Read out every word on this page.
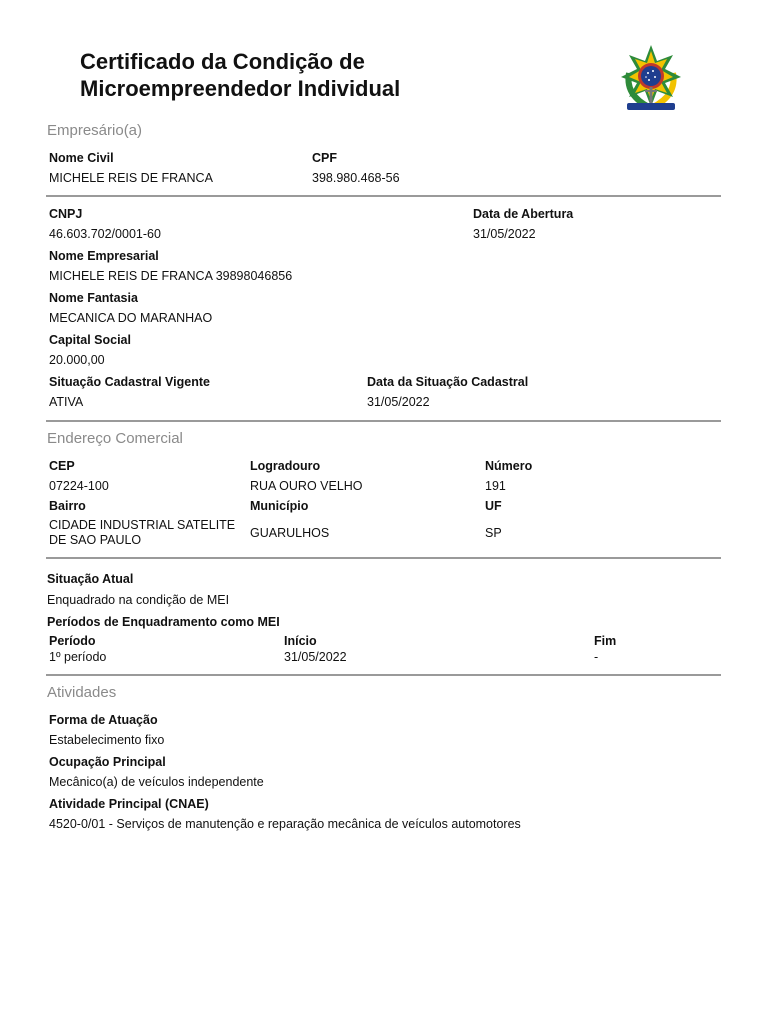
Certificado da Condição de
Microempreendedor Individual
Empresário(a)
Nome Civil
MICHELE REIS DE FRANCA
CPF
398.980.468-56
CNPJ
46.603.702/0001-60
Data de Abertura
31/05/2022
Nome Empresarial
MICHELE REIS DE FRANCA 39898046856
Nome Fantasia
MECANICA DO MARANHAO
Capital Social
20.000,00
Situação Cadastral Vigente
ATIVA
Data da Situação Cadastral
31/05/2022
Endereço Comercial
CEP
07224-100
Logradouro
RUA OURO VELHO
Número
191
Bairro
CIDADE INDUSTRIAL SATELITE
DE SAO PAULO
Município
GUARULHOS
UF
SP
Situação Atual
Enquadrado na condição de MEI
Períodos de Enquadramento como MEI
Período	Início	Fim
1º período	31/05/2022	-
Atividades
Forma de Atuação
Estabelecimento fixo
Ocupação Principal
Mecânico(a) de veículos independente
Atividade Principal (CNAE)
4520-0/01 - Serviços de manutenção e reparação mecânica de veículos automotores
